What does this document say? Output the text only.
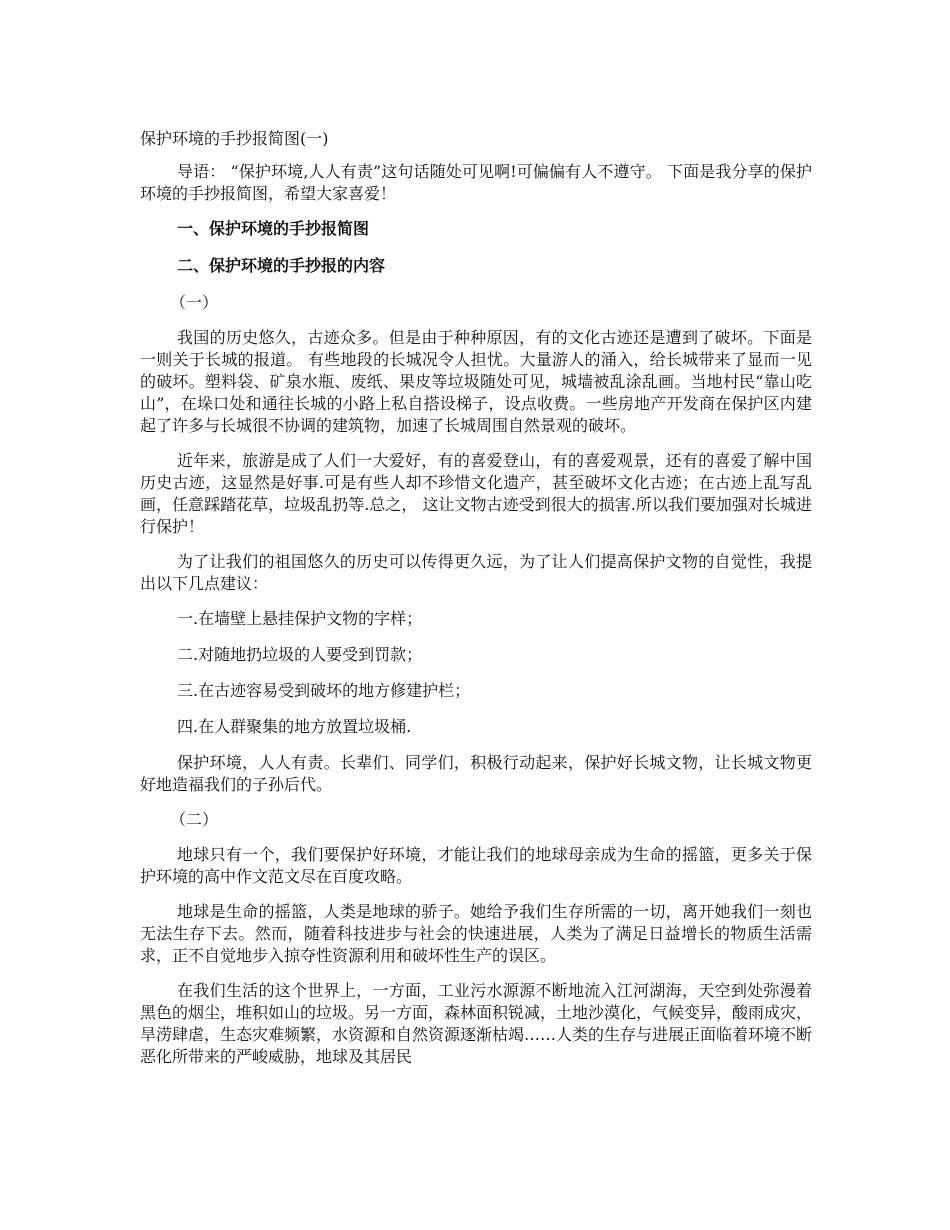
保护环境的手抄报简图(一)

导语： “保护环境,人人有责”这句话随处可见啊!可偏偏有人不遵守。 下面是我分享的保护环境的手抄报简图，希望大家喜爱！

一、保护环境的手抄报简图

二、保护环境的手抄报的内容

（一）

我国的历史悠久，古迹众多。但是由于种种原因，有的文化古迹还是遭到了破坏。下面是一则关于长城的报道。 有些地段的长城况令人担忧。大量游人的涌入，给长城带来了显而一见的破坏。塑料袋、矿泉水瓶、废纸、果皮等垃圾随处可见，城墙被乱涂乱画。当地村民“靠山吃山”，在垛口处和通往长城的小路上私自搭设梯子，设点收费。一些房地产开发商在保护区内建起了许多与长城很不协调的建筑物，加速了长城周围自然景观的破坏。

近年来，旅游是成了人们一大爱好，有的喜爱登山，有的喜爱观景，还有的喜爱了解中国历史古迹，这显然是好事.可是有些人却不珍惜文化遗产，甚至破坏文化古迹；在古迹上乱写乱画，任意踩踏花草，垃圾乱扔等.总之， 这让文物古迹受到很大的损害.所以我们要加强对长城进行保护！

为了让我们的祖国悠久的历史可以传得更久远，为了让人们提高保护文物的自觉性，我提出以下几点建议：

一.在墙壁上悬挂保护文物的字样；

二.对随地扔垃圾的人要受到罚款；

三.在古迹容易受到破坏的地方修建护栏；

四.在人群聚集的地方放置垃圾桶.

保护环境，人人有责。长辈们、同学们，积极行动起来，保护好长城文物，让长城文物更好地造福我们的子孙后代。

（二）

地球只有一个，我们要保护好环境，才能让我们的地球母亲成为生命的摇篮，更多关于保护环境的高中作文范文尽在百度攻略。

地球是生命的摇篮，人类是地球的骄子。她给予我们生存所需的一切，离开她我们一刻也无法生存下去。然而，随着科技进步与社会的快速进展，人类为了满足日益增长的物质生活需求，正不自觉地步入掠夺性资源利用和破坏性生产的误区。

在我们生活的这个世界上，一方面，工业污水源源不断地流入江河湖海，天空到处弥漫着黑色的烟尘，堆积如山的垃圾。另一方面，森林面积锐减，土地沙漠化，气候变异，酸雨成灾，旱涝肆虐，生态灾难频繁，水资源和自然资源逐渐枯竭……人类的生存与进展正面临着环境不断恶化所带来的严峻威胁，地球及其居民
